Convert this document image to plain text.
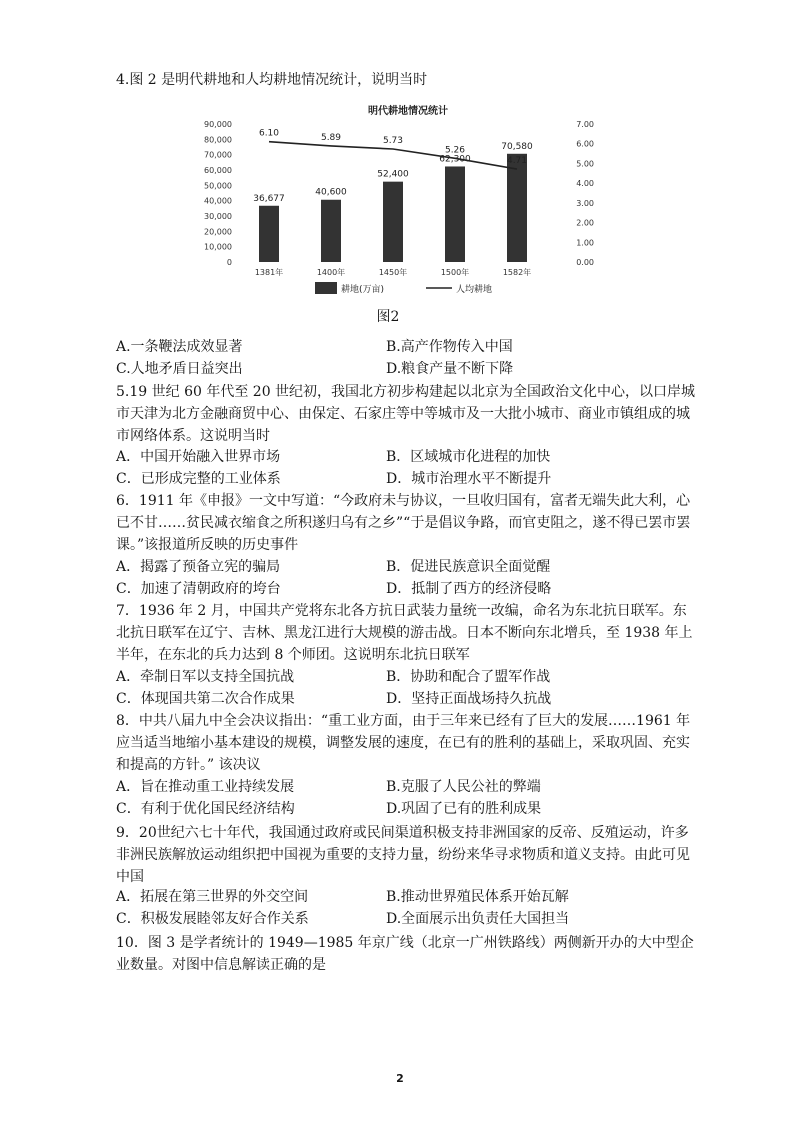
4.图 2 是明代耕地和人均耕地情况统计，说明当时

明代耕地情况统计
0
10,000
20,000
30,000
40,000
50,000
60,000
70,000
80,000
90,000
0.00
1.00
2.00
3.00
4.00
5.00
6.00
7.00
36,677
40,600
52,400
62,300
70,580
6.10	5.89	5.73
5.26
4.71
1381年	1400年	1450年	1500年	1582年
耕地(万亩)	人均耕地
图2
A.一条鞭法成效显著	B.高产作物传入中国
C.人地矛盾日益突出	D.粮食产量不断下降

5.19 世纪 60 年代至 20 世纪初，我国北方初步构建起以北京为全国政治文化中心，以口岸城市天津为北方金融商贸中心、由保定、石家庄等中等城市及一大批小城市、商业市镇组成的城市网络体系。这说明当时

A．中国开始融入世界市场	B．区域城市化进程的加快
C．已形成完整的工业体系	D．城市治理水平不断提升

6．1911 年《申报》一文中写道：“今政府未与协议，一旦收归国有，富者无端失此大利，心已不甘……贫民减衣缩食之所积遂归乌有之乡”“于是倡议争路，而官吏阻之，遂不得已罢市罢课。”该报道所反映的历史事件

A．揭露了预备立宪的骗局	B．促进民族意识全面觉醒
C．加速了清朝政府的垮台	D．抵制了西方的经济侵略

7．1936 年 2 月，中国共产党将东北各方抗日武装力量统一改编，命名为东北抗日联军。东北抗日联军在辽宁、吉林、黑龙江进行大规模的游击战。日本不断向东北增兵，至 1938 年上半年，在东北的兵力达到 8 个师团。这说明东北抗日联军

A．牵制日军以支持全国抗战	B．协助和配合了盟军作战
C．体现国共第二次合作成果	D．坚持正面战场持久抗战

8．中共八届九中全会决议指出：“重工业方面，由于三年来已经有了巨大的发展……1961 年应当适当地缩小基本建设的规模，调整发展的速度，在已有的胜利的基础上，采取巩固、充实和提高的方针。” 该决议

A．旨在推动重工业持续发展	B.克服了人民公社的弊端
C．有利于优化国民经济结构	D.巩固了已有的胜利成果

9．20世纪六七十年代，我国通过政府或民间渠道积极支持非洲国家的反帝、反殖运动，许多非洲民族解放运动组织把中国视为重要的支持力量，纷纷来华寻求物质和道义支持。由此可见中国

A．拓展在第三世界的外交空间	B.推动世界殖民体系开始瓦解
C．积极发展睦邻友好合作关系	D.全面展示出负责任大国担当

10．图 3 是学者统计的 1949—1985 年京广线（北京一广州铁路线）两侧新开办的大中型企业数量。对图中信息解读正确的是

2
